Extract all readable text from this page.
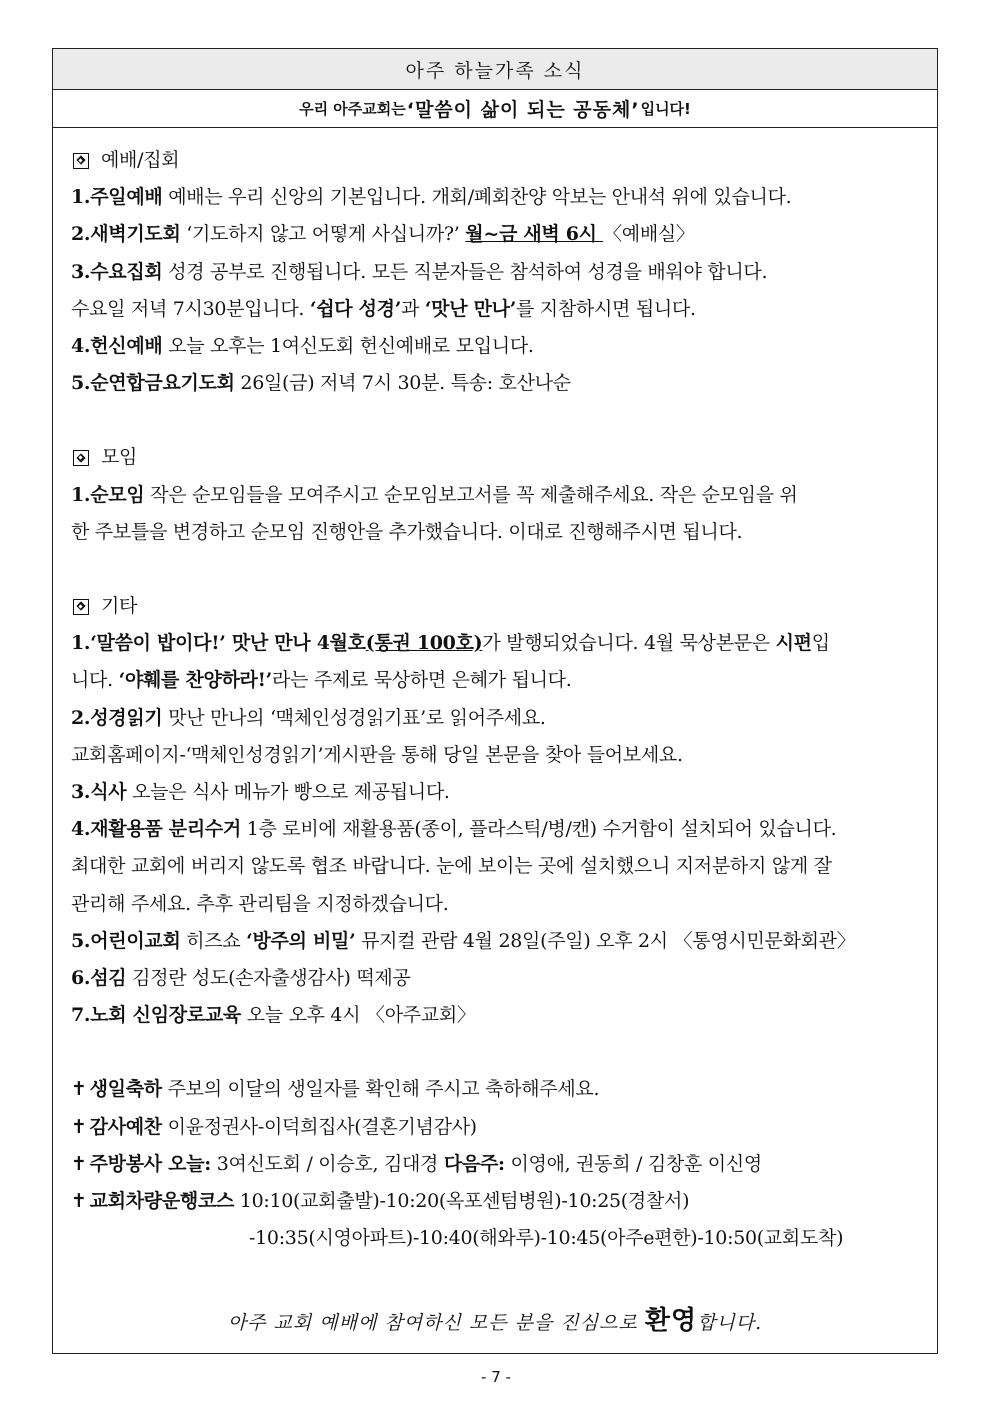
아주 하늘가족 소식
우리 아주교회는 ‘말씀이 삶이 되는 공동체’ 입니다!
예배/집회
1.주일예배 예배는 우리 신앙의 기본입니다. 개회/폐회찬양 악보는 안내석 위에 있습니다.
2.새벽기도회 ‘기도하지 않고 어떻게 사십니까?’ 월~금 새벽 6시 〈예배실〉
3.수요집회 성경 공부로 진행됩니다. 모든 직분자들은 참석하여 성경을 배워야 합니다.
수요일 저녁 7시30분입니다. ‘쉽다 성경’과 ‘맛난 만나’를 지참하시면 됩니다.
4.헌신예배 오늘 오후는 1여신도회 헌신예배로 모입니다.
5.순연합금요기도회 26일(금) 저녁 7시 30분. 특송: 호산나순
모임
1.순모임 작은 순모임들을 모여주시고 순모임보고서를 꼭 제출해주세요. 작은 순모임을 위
한 주보틀을 변경하고 순모임 진행안을 추가했습니다. 이대로 진행해주시면 됩니다.
기타
1.‘말씀이 밥이다!’ 맛난 만나 4월호(통권 100호)가 발행되었습니다. 4월 묵상본문은 시편입
니다. ‘야훼를 찬양하라!’라는 주제로 묵상하면 은혜가 됩니다.
2.성경읽기 맛난 만나의 ‘맥체인성경읽기표’로 읽어주세요.
교회홈페이지-‘맥체인성경읽기’게시판을 통해 당일 본문을 찾아 들어보세요.
3.식사 오늘은 식사 메뉴가 빵으로 제공됩니다.
4.재활용품 분리수거 1층 로비에 재활용품(종이, 플라스틱/병/캔) 수거함이 설치되어 있습니다.
최대한 교회에 버리지 않도록 협조 바랍니다. 눈에 보이는 곳에 설치했으니 지저분하지 않게 잘
관리해 주세요. 추후 관리팀을 지정하겠습니다.
5.어린이교회 히즈쇼 ‘방주의 비밀’ 뮤지컬 관람 4월 28일(주일) 오후 2시 〈통영시민문화회관〉
6.섬김 김정란 성도(손자출생감사) 떡제공
7.노회 신임장로교육 오늘 오후 4시 〈아주교회〉
✝ 생일축하 주보의 이달의 생일자를 확인해 주시고 축하해주세요.
✝ 감사예찬 이윤정권사-이덕희집사(결혼기념감사)
✝ 주방봉사 오늘: 3여신도회 / 이승호, 김대경 다음주: 이영애, 권동희 / 김창훈 이신영
✝ 교회차량운행코스 10:10(교회출발)-10:20(옥포센텀병원)-10:25(경찰서)
-10:35(시영아파트)-10:40(해와루)-10:45(아주e편한)-10:50(교회도착)
아주 교회 예배에 참여하신 모든 분을 진심으로 환영합니다.
- 7 -
